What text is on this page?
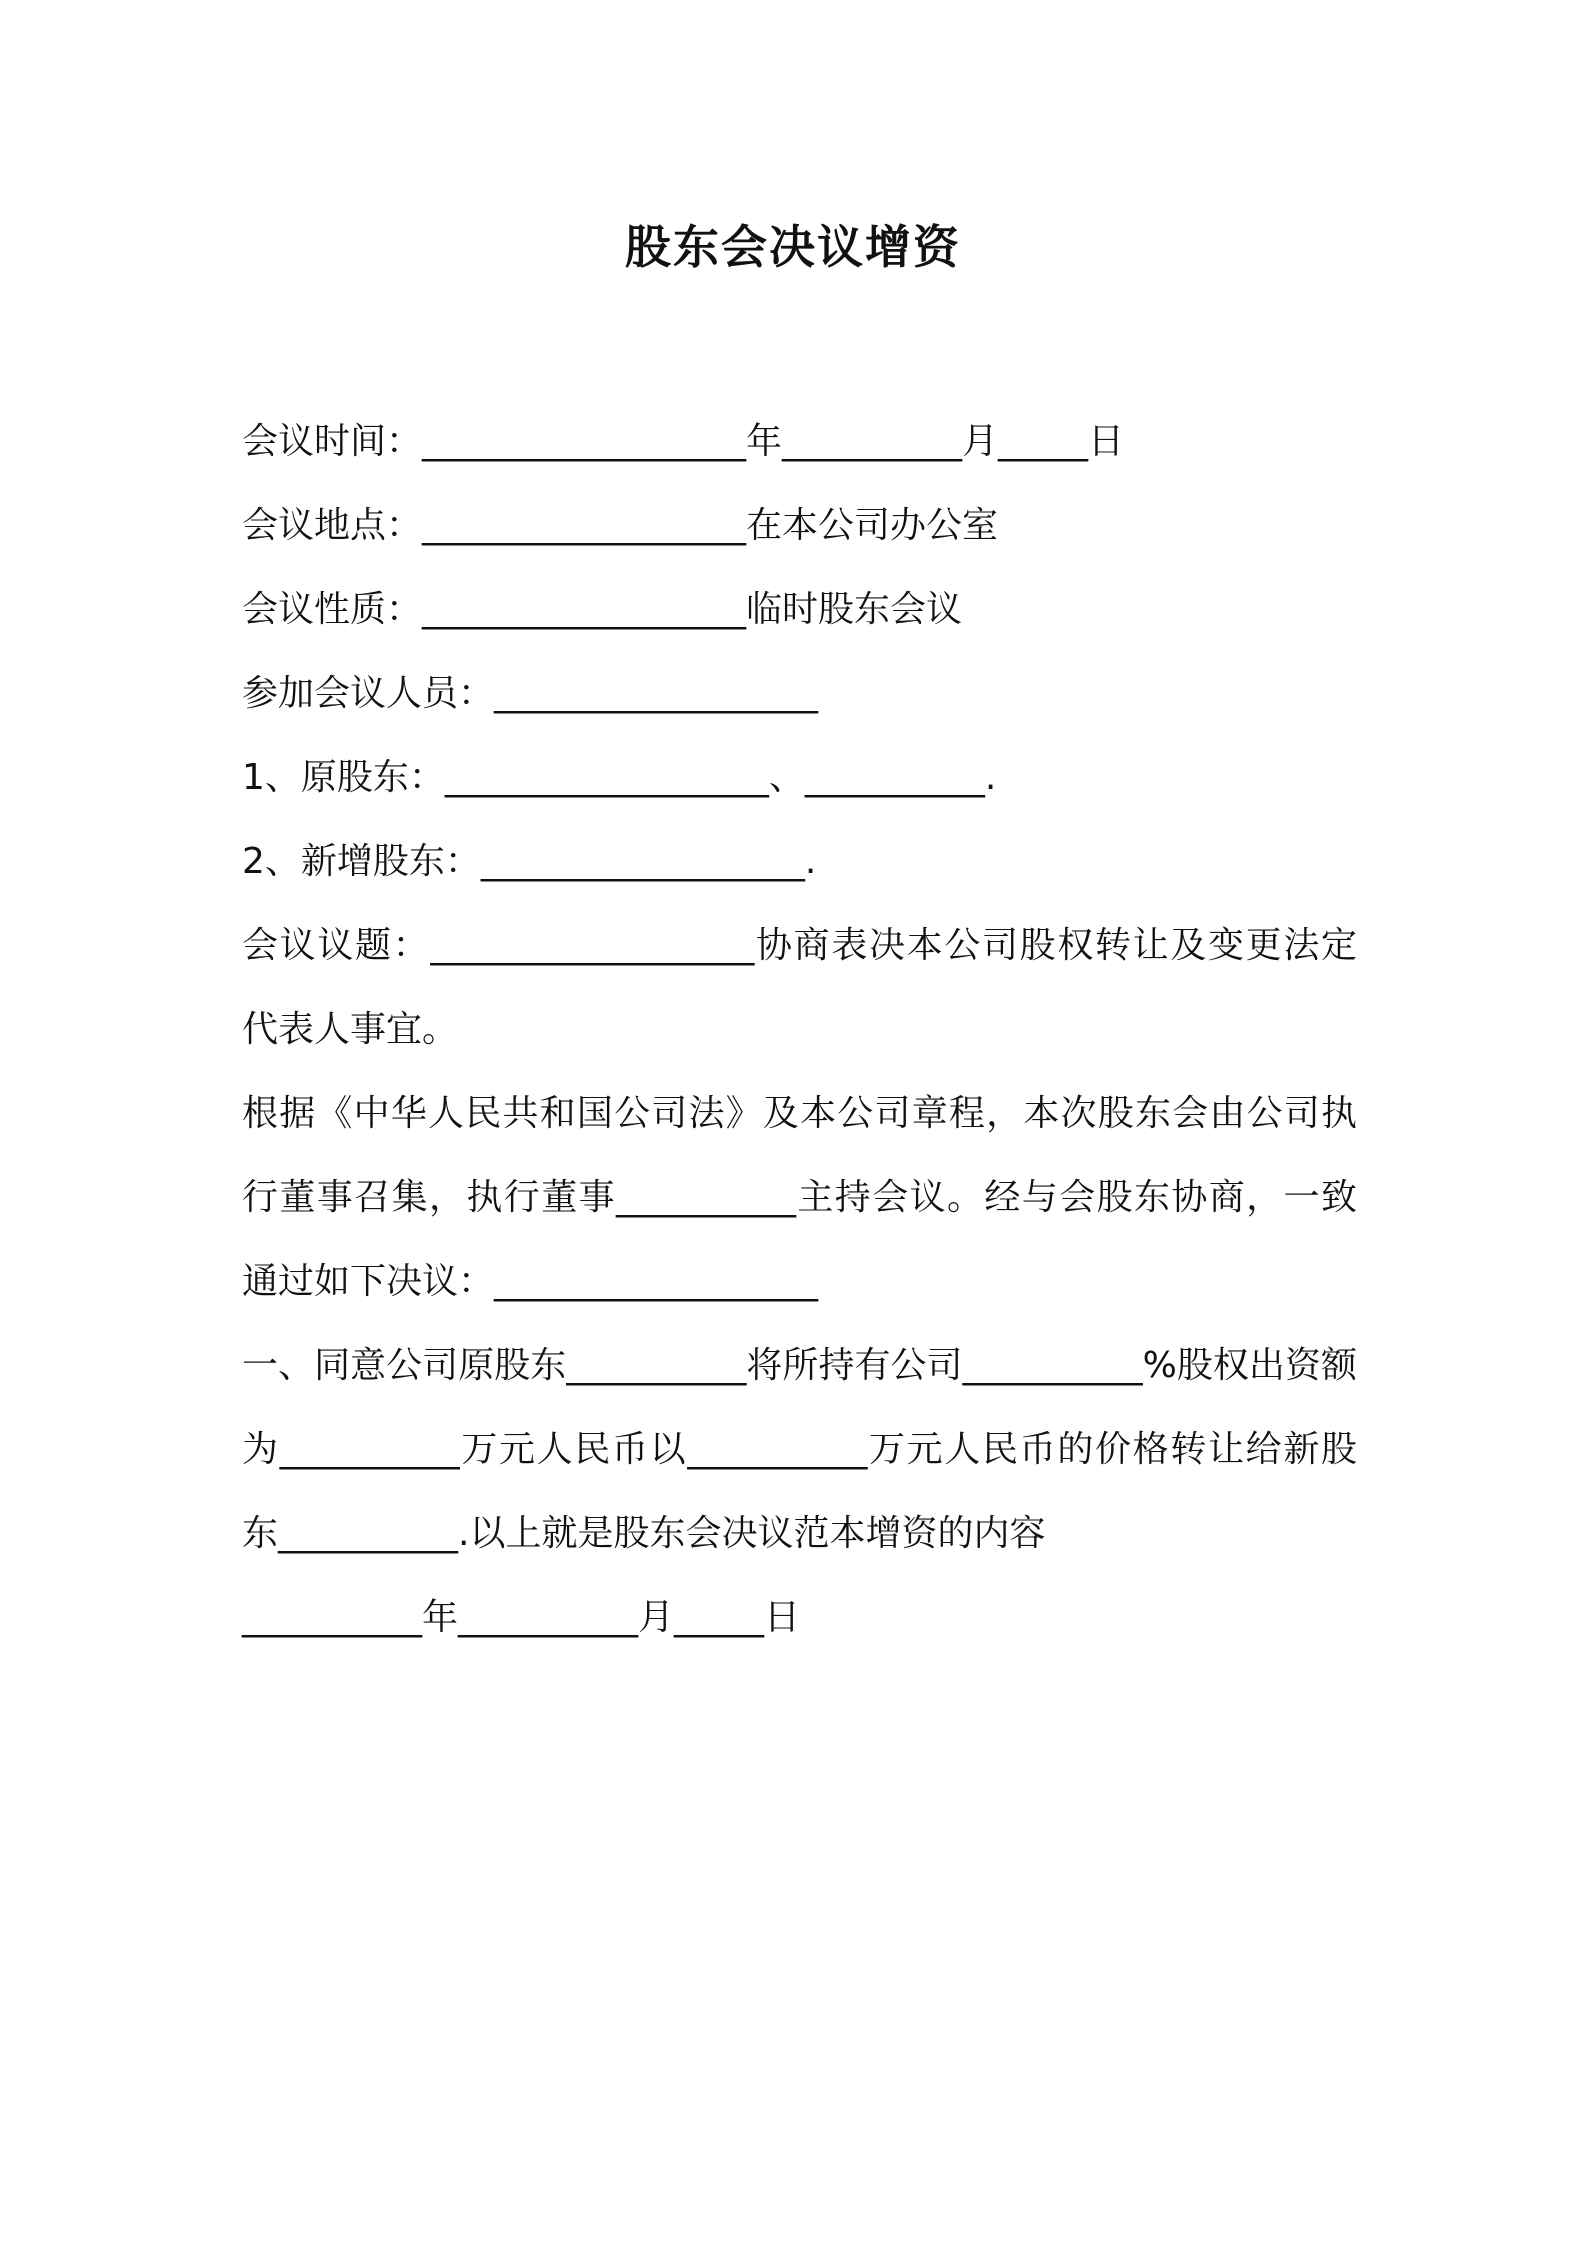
股东会决议增资
会议时间：__________________年__________月_____日
会议地点：__________________在本公司办公室
会议性质：__________________临时股东会议
参加会议人员：__________________
1、原股东：__________________、__________.
2、新增股东：__________________.
会议议题：__________________协商表决本公司股权转让及变更法定代表人事宜。
根据《中华人民共和国公司法》及本公司章程，本次股东会由公司执行董事召集，执行董事__________主持会议。经与会股东协商，一致通过如下决议：__________________
一、同意公司原股东__________将所持有公司__________%股权出资额为__________万元人民币以__________万元人民币的价格转让给新股东__________.以上就是股东会决议范本增资的内容
__________年__________月_____日
